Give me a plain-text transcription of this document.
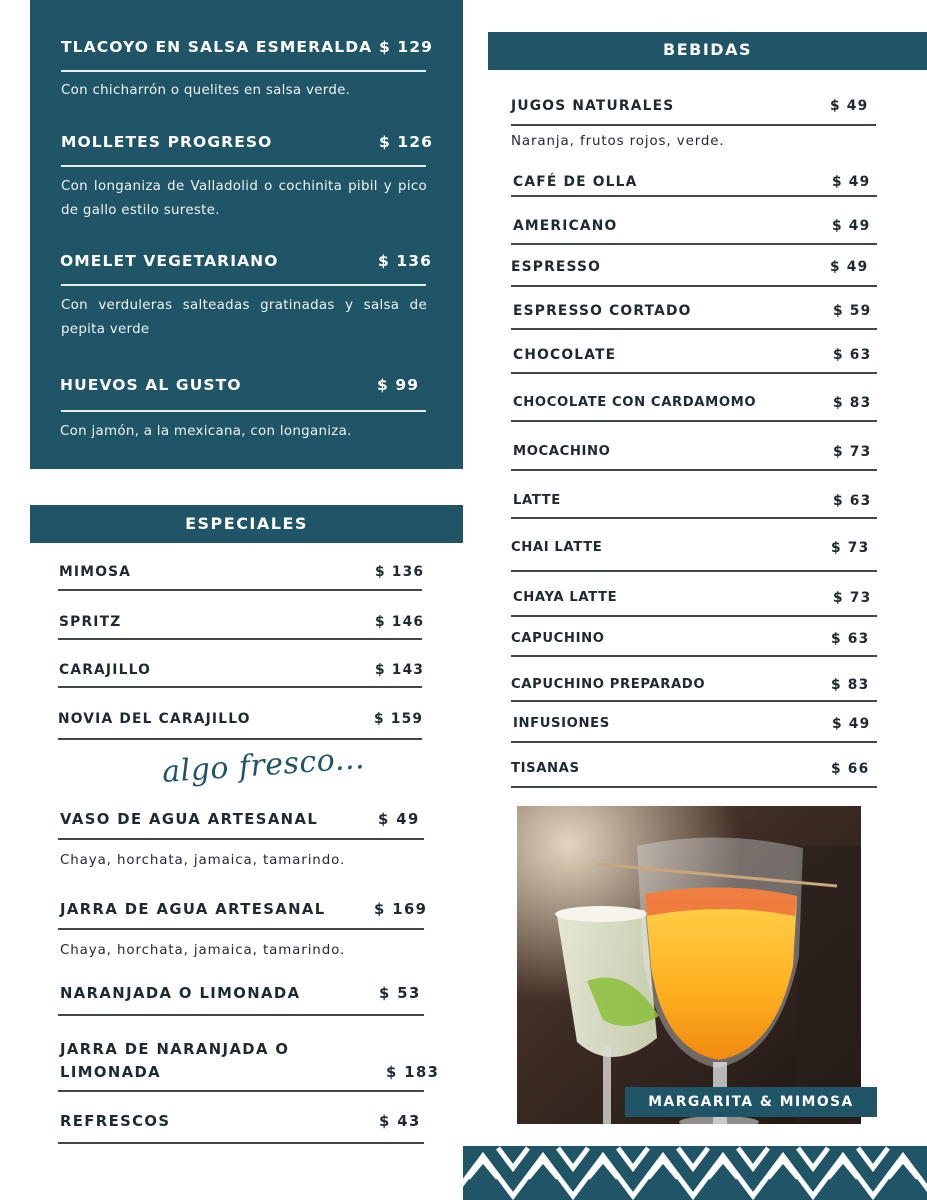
TLACOYO EN SALSA ESMERALDA $ 129
Con chicharrón o quelites en salsa verde.
MOLLETES PROGRESO	$ 126
Con longaniza de Valladolid o cochinita pibil y pico de gallo estilo sureste.
OMELET VEGETARIANO	$ 136
Con verduleras salteadas gratinadas y salsa de pepita verde
HUEVOS AL GUSTO	$ 99
Con jamón, a la mexicana, con longaniza.
ESPECIALES
MIMOSA	$ 136
SPRITZ	$ 146
CARAJILLO	$ 143
NOVIA DEL CARAJILLO	$ 159
algo fresco...
VASO DE AGUA ARTESANAL	$ 49
Chaya, horchata, jamaica, tamarindo.
JARRA DE AGUA ARTESANAL	$ 169
Chaya, horchata, jamaica, tamarindo.
NARANJADA O LIMONADA	$ 53
JARRA DE NARANJADA O
LIMONADA	$ 183
REFRESCOS	$ 43
BEBIDAS
JUGOS NATURALES	$ 49
Naranja, frutos rojos, verde.
CAFÉ DE OLLA	$ 49
AMERICANO	$ 49
ESPRESSO	$ 49
ESPRESSO CORTADO	$ 59
CHOCOLATE	$ 63
CHOCOLATE CON CARDAMOMO	$ 83
MOCACHINO	$ 73
LATTE	$ 63
CHAI LATTE	$ 73
CHAYA LATTE	$ 73
CAPUCHINO	$ 63
CAPUCHINO PREPARADO	$ 83
INFUSIONES	$ 49
TISANAS	$ 66
MARGARITA & MIMOSA
